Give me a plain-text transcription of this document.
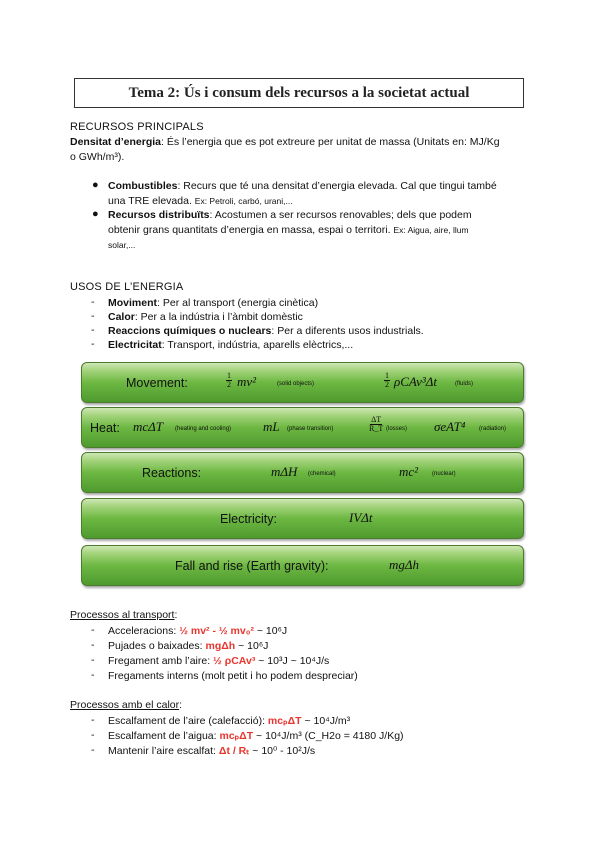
Tema 2: Ús i consum dels recursos a la societat actual
RECURSOS PRINCIPALS
Densitat d’energia: És l’energia que es pot extreure per unitat de massa (Unitats en: MJ/Kg
o GWh/m³).
● Combustibles: Recurs que té una densitat d’energia elevada. Cal que tingui també
una TRE elevada. Ex: Petroli, carbó, urani,...
● Recursos distribuïts: Acostumen a ser recursos renovables; dels que podem
obtenir grans quantitats d’energia en massa, espai o territori. Ex: Aigua, aire, llum
solar,...
USOS DE L’ENERGIA
- Moviment: Per al transport (energia cinètica)
- Calor: Per a la indústria i l’àmbit domèstic
- Reaccions químiques o nuclears: Per a diferents usos industrials.
- Electricitat: Transport, indústria, aparells elèctrics,...
Movement:	$\frac{1}{2} mv^2$	(solid objects)	$\frac{1}{2} \rho CAv^3\Delta t$	(fluids)
Heat: mcΔT (heating and cooling) mL (phase transition)	$\frac{\Delta T}{R\_T}$ (losses) σeAT⁴ (radiation)
Reactions:	mΔH (chemical)	mc² (nuclear)
Electricity:	IVΔt
Fall and rise (Earth gravity):	mgΔh
Processos al transport:
- Acceleracions: ½ mv² - ½ mv₀² ~ 10⁶J
- Pujades o baixades: mgΔh ~ 10⁶J
- Fregament amb l’aire: ½ ρCAv³ ~ 10³J ~ 10⁴J/s
- Fregaments interns (molt petit i ho podem despreciar)
Processos amb el calor:
- Escalfament de l’aire (calefacció): mcₚΔT ~ 10⁴J/m³
- Escalfament de l’aigua: mcₚΔT ~ 10⁴J/m³ (C_H2o = 4180 J/Kg)
- Mantenir l’aire escalfat: Δt / Rₜ ~ 10⁰ - 10²J/s
